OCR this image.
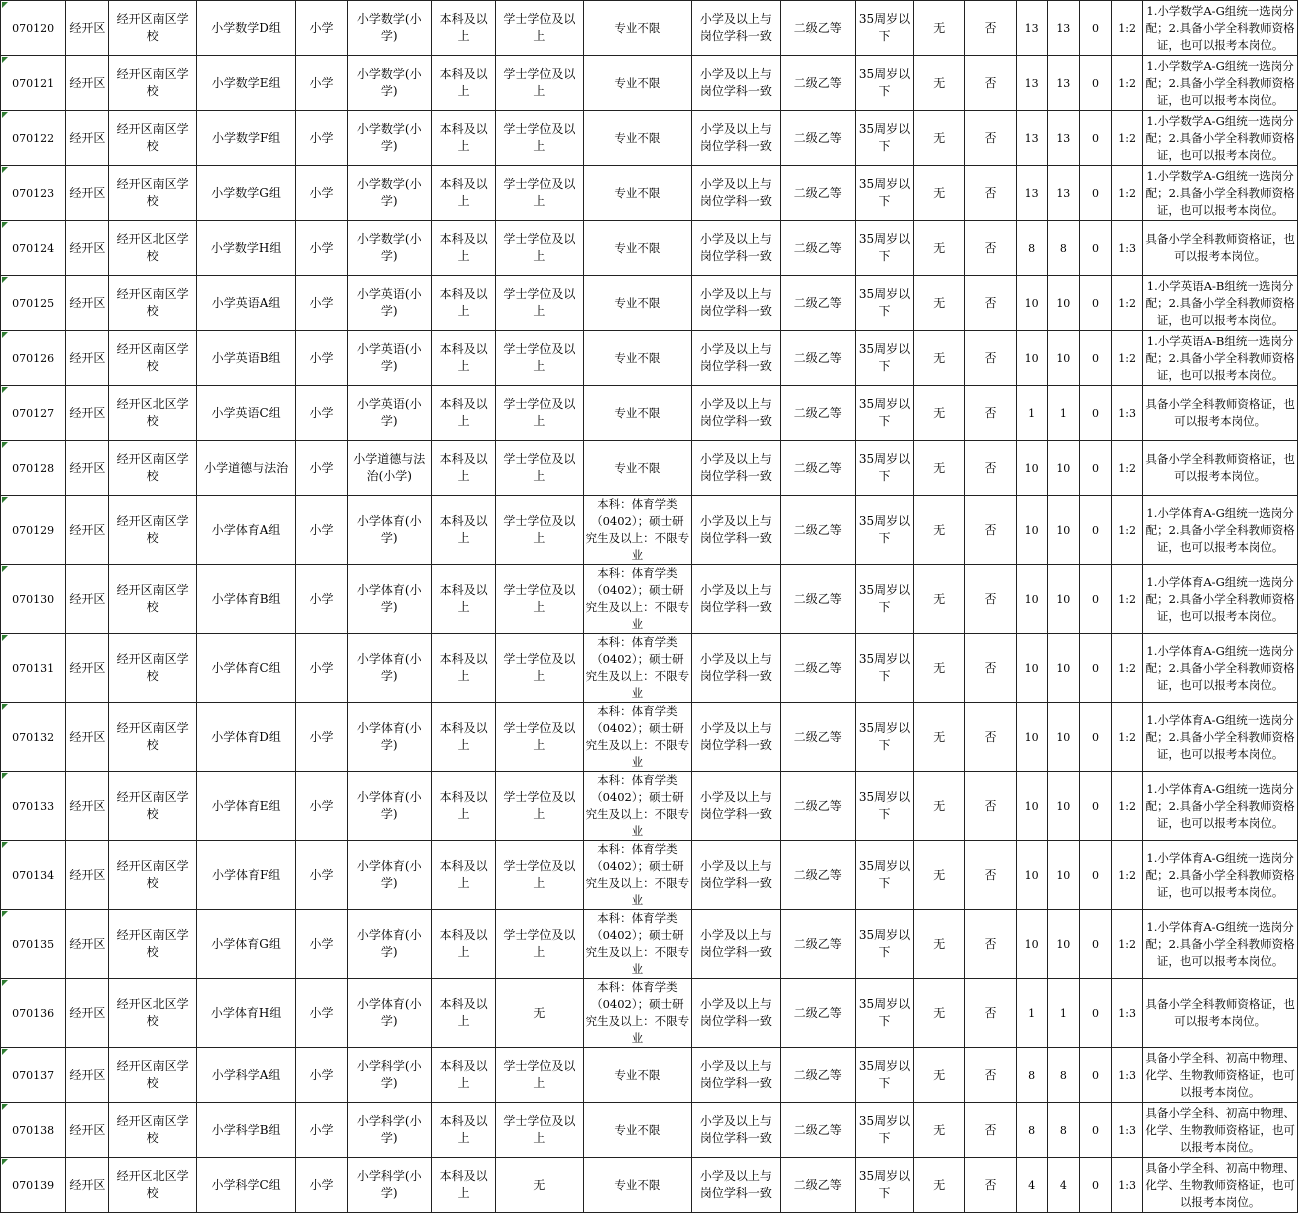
070120	经开区	经开区南区学校	小学数学D组	小学	小学数学(小学)	本科及以上	学士学位及以上	专业不限	小学及以上与岗位学科一致	二级乙等	35周岁以下	无	否	13	13	0	1:2	1.小学数学A-G组统一选岗分配；2.具备小学全科教师资格证，也可以报考本岗位。

070121	经开区	经开区南区学校	小学数学E组	小学	小学数学(小学)	本科及以上	学士学位及以上	专业不限	小学及以上与岗位学科一致	二级乙等	35周岁以下	无	否	13	13	0	1:2	1.小学数学A-G组统一选岗分配；2.具备小学全科教师资格证，也可以报考本岗位。

070122	经开区	经开区南区学校	小学数学F组	小学	小学数学(小学)	本科及以上	学士学位及以上	专业不限	小学及以上与岗位学科一致	二级乙等	35周岁以下	无	否	13	13	0	1:2	1.小学数学A-G组统一选岗分配；2.具备小学全科教师资格证，也可以报考本岗位。

070123	经开区	经开区南区学校	小学数学G组	小学	小学数学(小学)	本科及以上	学士学位及以上	专业不限	小学及以上与岗位学科一致	二级乙等	35周岁以下	无	否	13	13	0	1:2	1.小学数学A-G组统一选岗分配；2.具备小学全科教师资格证，也可以报考本岗位。

070124	经开区	经开区北区学校	小学数学H组	小学	小学数学(小学)	本科及以上	学士学位及以上	专业不限	小学及以上与岗位学科一致	二级乙等	35周岁以下	无	否	8	8	0	1:3	具备小学全科教师资格证，也可以报考本岗位。

070125	经开区	经开区南区学校	小学英语A组	小学	小学英语(小学)	本科及以上	学士学位及以上	专业不限	小学及以上与岗位学科一致	二级乙等	35周岁以下	无	否	10	10	0	1:2	1.小学英语A-B组统一选岗分配；2.具备小学全科教师资格证，也可以报考本岗位。

070126	经开区	经开区南区学校	小学英语B组	小学	小学英语(小学)	本科及以上	学士学位及以上	专业不限	小学及以上与岗位学科一致	二级乙等	35周岁以下	无	否	10	10	0	1:2	1.小学英语A-B组统一选岗分配；2.具备小学全科教师资格证，也可以报考本岗位。

070127	经开区	经开区北区学校	小学英语C组	小学	小学英语(小学)	本科及以上	学士学位及以上	专业不限	小学及以上与岗位学科一致	二级乙等	35周岁以下	无	否	1	1	0	1:3	具备小学全科教师资格证，也可以报考本岗位。

070128	经开区	经开区南区学校	小学道德与法治	小学	小学道德与法治(小学)	本科及以上	学士学位及以上	专业不限	小学及以上与岗位学科一致	二级乙等	35周岁以下	无	否	10	10	0	1:2	具备小学全科教师资格证，也可以报考本岗位。

070129	经开区	经开区南区学校	小学体育A组	小学	小学体育(小学)	本科及以上	学士学位及以上	本科：体育学类（0402）；硕士研究生及以上：不限专业	小学及以上与岗位学科一致	二级乙等	35周岁以下	无	否	10	10	0	1:2	1.小学体育A-G组统一选岗分配；2.具备小学全科教师资格证，也可以报考本岗位。

070130	经开区	经开区南区学校	小学体育B组	小学	小学体育(小学)	本科及以上	学士学位及以上	本科：体育学类（0402）；硕士研究生及以上：不限专业	小学及以上与岗位学科一致	二级乙等	35周岁以下	无	否	10	10	0	1:2	1.小学体育A-G组统一选岗分配；2.具备小学全科教师资格证，也可以报考本岗位。

070131	经开区	经开区南区学校	小学体育C组	小学	小学体育(小学)	本科及以上	学士学位及以上	本科：体育学类（0402）；硕士研究生及以上：不限专业	小学及以上与岗位学科一致	二级乙等	35周岁以下	无	否	10	10	0	1:2	1.小学体育A-G组统一选岗分配；2.具备小学全科教师资格证，也可以报考本岗位。

070132	经开区	经开区南区学校	小学体育D组	小学	小学体育(小学)	本科及以上	学士学位及以上	本科：体育学类（0402）；硕士研究生及以上：不限专业	小学及以上与岗位学科一致	二级乙等	35周岁以下	无	否	10	10	0	1:2	1.小学体育A-G组统一选岗分配；2.具备小学全科教师资格证，也可以报考本岗位。

070133	经开区	经开区南区学校	小学体育E组	小学	小学体育(小学)	本科及以上	学士学位及以上	本科：体育学类（0402）；硕士研究生及以上：不限专业	小学及以上与岗位学科一致	二级乙等	35周岁以下	无	否	10	10	0	1:2	1.小学体育A-G组统一选岗分配；2.具备小学全科教师资格证，也可以报考本岗位。

070134	经开区	经开区南区学校	小学体育F组	小学	小学体育(小学)	本科及以上	学士学位及以上	本科：体育学类（0402）；硕士研究生及以上：不限专业	小学及以上与岗位学科一致	二级乙等	35周岁以下	无	否	10	10	0	1:2	1.小学体育A-G组统一选岗分配；2.具备小学全科教师资格证，也可以报考本岗位。

070135	经开区	经开区南区学校	小学体育G组	小学	小学体育(小学)	本科及以上	学士学位及以上	本科：体育学类（0402）；硕士研究生及以上：不限专业	小学及以上与岗位学科一致	二级乙等	35周岁以下	无	否	10	10	0	1:2	1.小学体育A-G组统一选岗分配；2.具备小学全科教师资格证，也可以报考本岗位。

070136	经开区	经开区北区学校	小学体育H组	小学	小学体育(小学)	本科及以上	无	本科：体育学类（0402）；硕士研究生及以上：不限专业	小学及以上与岗位学科一致	二级乙等	35周岁以下	无	否	1	1	0	1:3	具备小学全科教师资格证，也可以报考本岗位。

070137	经开区	经开区南区学校	小学科学A组	小学	小学科学(小学)	本科及以上	学士学位及以上	专业不限	小学及以上与岗位学科一致	二级乙等	35周岁以下	无	否	8	8	0	1:3	具备小学全科、初高中物理、化学、生物教师资格证，也可以报考本岗位。

070138	经开区	经开区南区学校	小学科学B组	小学	小学科学(小学)	本科及以上	学士学位及以上	专业不限	小学及以上与岗位学科一致	二级乙等	35周岁以下	无	否	8	8	0	1:3	具备小学全科、初高中物理、化学、生物教师资格证，也可以报考本岗位。

070139	经开区	经开区北区学校	小学科学C组	小学	小学科学(小学)	本科及以上	无	专业不限	小学及以上与岗位学科一致	二级乙等	35周岁以下	无	否	4	4	0	1:3	具备小学全科、初高中物理、化学、生物教师资格证，也可以报考本岗位。
